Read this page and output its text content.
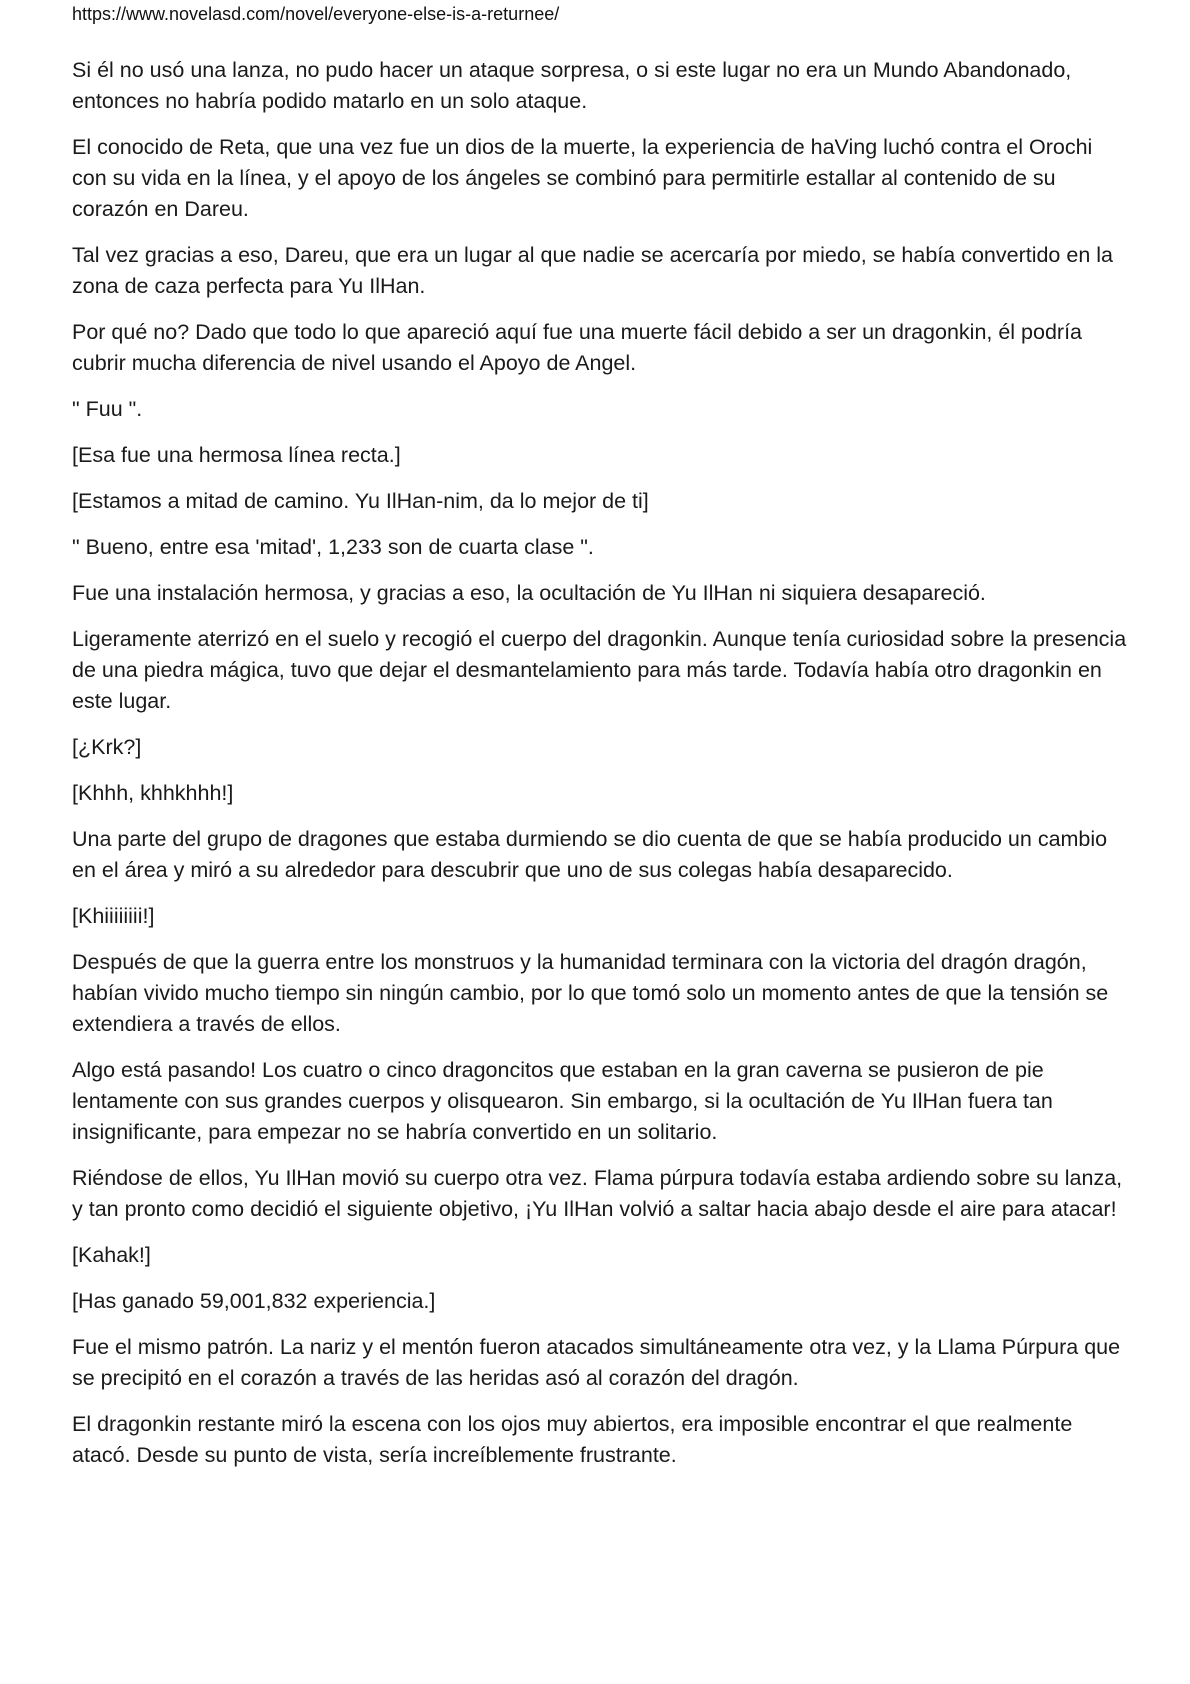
https://www.novelasd.com/novel/everyone-else-is-a-returnee/

Si él no usó una lanza, no pudo hacer un ataque sorpresa, o si este lugar no era un Mundo Abandonado, entonces no habría podido matarlo en un solo ataque.

El conocido de Reta, que una vez fue un dios de la muerte, la experiencia de haVing luchó contra el Orochi con su vida en la línea, y el apoyo de los ángeles se combinó para permitirle estallar al contenido de su corazón en Dareu.

Tal vez gracias a eso, Dareu, que era un lugar al que nadie se acercaría por miedo, se había convertido en la zona de caza perfecta para Yu IlHan.

Por qué no? Dado que todo lo que apareció aquí fue una muerte fácil debido a ser un dragonkin, él podría cubrir mucha diferencia de nivel usando el Apoyo de Angel.

" Fuu ".

[Esa fue una hermosa línea recta.]

[Estamos a mitad de camino. Yu IlHan-nim, da lo mejor de ti]

" Bueno, entre esa 'mitad', 1,233 son de cuarta clase ".

Fue una instalación hermosa, y gracias a eso, la ocultación de Yu IlHan ni siquiera desapareció.

Ligeramente aterrizó en el suelo y recogió el cuerpo del dragonkin. Aunque tenía curiosidad sobre la presencia de una piedra mágica, tuvo que dejar el desmantelamiento para más tarde. Todavía había otro dragonkin en este lugar.

[¿Krk?]

[Khhh, khhkhhh!]

Una parte del grupo de dragones que estaba durmiendo se dio cuenta de que se había producido un cambio en el área y miró a su alrededor para descubrir que uno de sus colegas había desaparecido.

[Khiiiiiiii!]

Después de que la guerra entre los monstruos y la humanidad terminara con la victoria del dragón dragón, habían vivido mucho tiempo sin ningún cambio, por lo que tomó solo un momento antes de que la tensión se extendiera a través de ellos.

Algo está pasando! Los cuatro o cinco dragoncitos que estaban en la gran caverna se pusieron de pie lentamente con sus grandes cuerpos y olisquearon. Sin embargo, si la ocultación de Yu IlHan fuera tan insignificante, para empezar no se habría convertido en un solitario.

Riéndose de ellos, Yu IlHan movió su cuerpo otra vez. Flama púrpura todavía estaba ardiendo sobre su lanza, y tan pronto como decidió el siguiente objetivo, ¡Yu IlHan volvió a saltar hacia abajo desde el aire para atacar!

[Kahak!]

[Has ganado 59,001,832 experiencia.]

Fue el mismo patrón. La nariz y el mentón fueron atacados simultáneamente otra vez, y la Llama Púrpura que se precipitó en el corazón a través de las heridas asó al corazón del dragón.

El dragonkin restante miró la escena con los ojos muy abiertos, era imposible encontrar el que realmente atacó. Desde su punto de vista, sería increíblemente frustrante.
